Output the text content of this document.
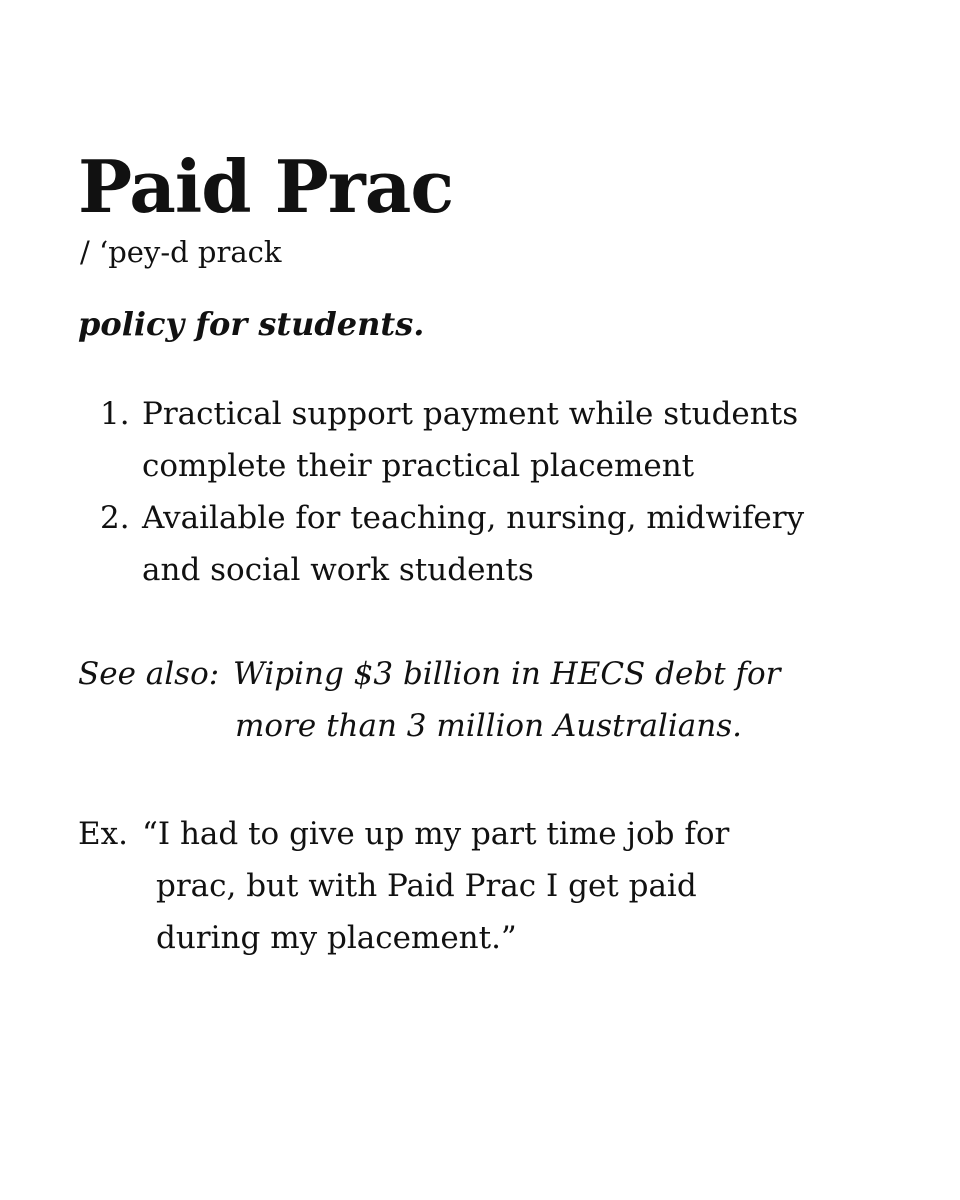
Paid Prac
/ ‘pey-d prack
policy for students.
1. Practical support payment while students
complete their practical placement
2. Available for teaching, nursing, midwifery
and social work students
See also: Wiping $3 billion in HECS debt for
more than 3 million Australians.
Ex. “I had to give up my part time job for
prac, but with Paid Prac I get paid
during my placement.”
